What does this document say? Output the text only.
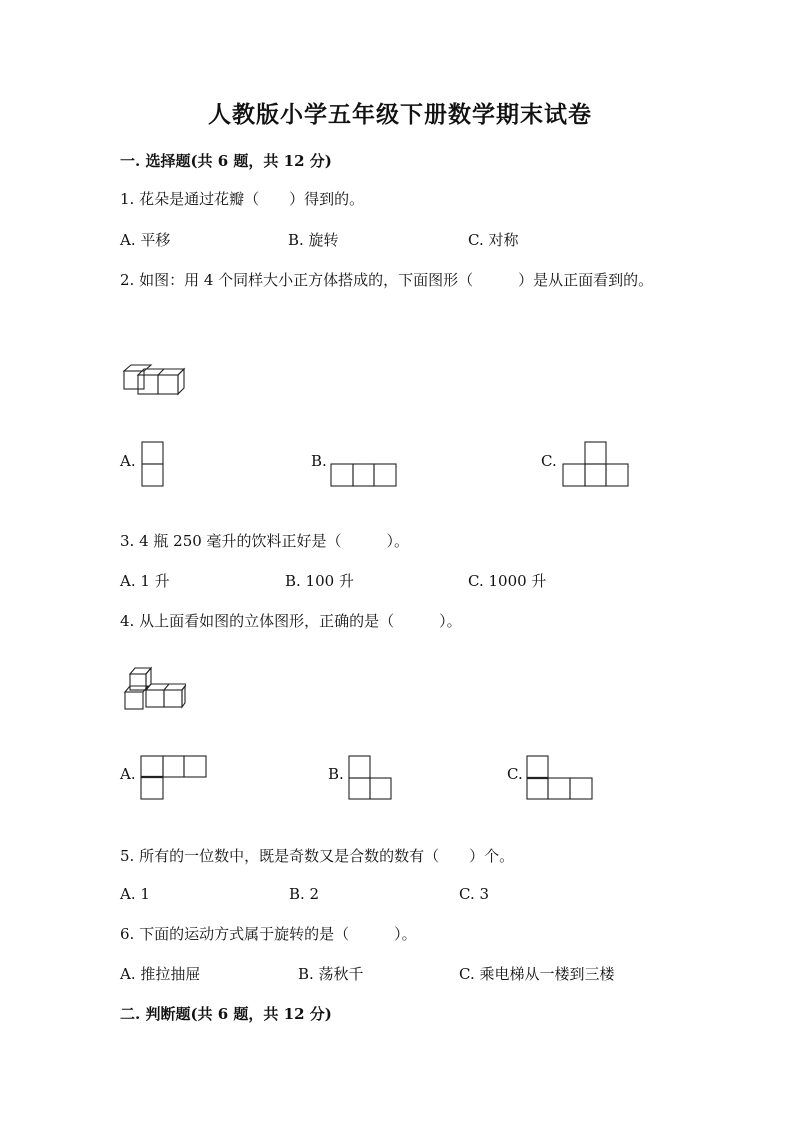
人教版小学五年级下册数学期末试卷

一. 选择题(共 6 题，共 12 分)

1. 花朵是通过花瓣（　　）得到的。

A. 平移	B. 旋转	C. 对称

2. 如图：用 4 个同样大小正方体搭成的，下面图形（　　　）是从正面看到的。

A.	B.	C.

3. 4 瓶 250 毫升的饮料正好是（　　　）。

A. 1 升	B. 100 升	C. 1000 升

4. 从上面看如图的立体图形，正确的是（　　　）。

A.	B.	C.

5. 所有的一位数中，既是奇数又是合数的数有（　　）个。

A. 1	B. 2	C. 3

6. 下面的运动方式属于旋转的是（　　　）。

A. 推拉抽屉	B. 荡秋千	C. 乘电梯从一楼到三楼

二. 判断题(共 6 题，共 12 分)
